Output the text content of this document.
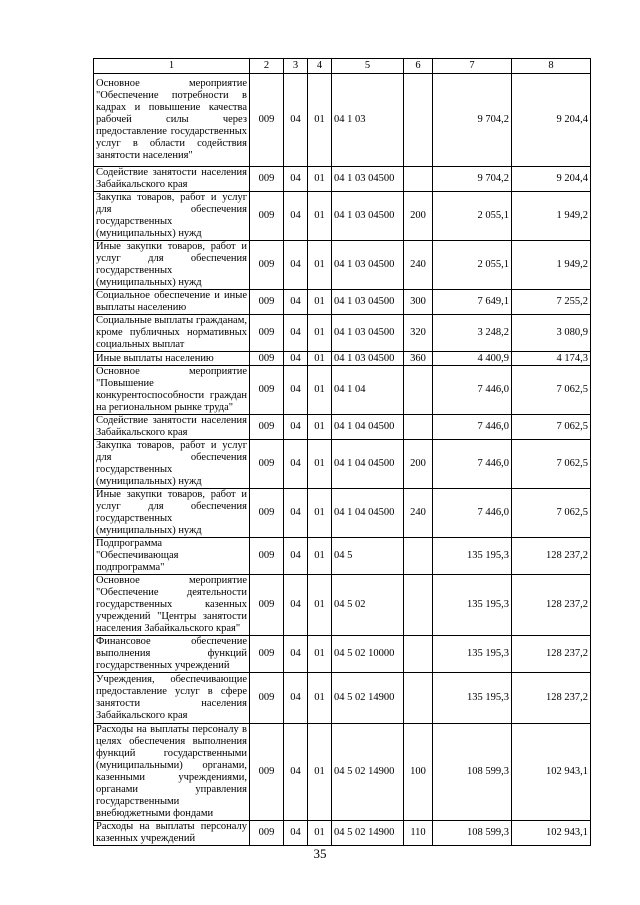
1	2	3	4	5	6	7	8
Основное мероприятие "Обеспечение потребности в кадрах и повышение качества рабочей силы через предоставление государственных услуг в области содействия занятости населения"	009	04	01	04 1 03		9 704,2	9 204,4
Содействие занятости населения Забайкальского края	009	04	01	04 1 03 04500		9 704,2	9 204,4
Закупка товаров, работ и услуг для обеспечения государственных (муниципальных) нужд	009	04	01	04 1 03 04500	200	2 055,1	1 949,2
Иные закупки товаров, работ и услуг для обеспечения государственных (муниципальных) нужд	009	04	01	04 1 03 04500	240	2 055,1	1 949,2
Социальное обеспечение и иные выплаты населению	009	04	01	04 1 03 04500	300	7 649,1	7 255,2
Социальные выплаты гражданам, кроме публичных нормативных социальных выплат	009	04	01	04 1 03 04500	320	3 248,2	3 080,9
Иные выплаты населению	009	04	01	04 1 03 04500	360	4 400,9	4 174,3
Основное мероприятие "Повышение конкурентоспособности граждан на региональном рынке труда"	009	04	01	04 1 04		7 446,0	7 062,5
Содействие занятости населения Забайкальского края	009	04	01	04 1 04 04500		7 446,0	7 062,5
Закупка товаров, работ и услуг для обеспечения государственных (муниципальных) нужд	009	04	01	04 1 04 04500	200	7 446,0	7 062,5
Иные закупки товаров, работ и услуг для обеспечения государственных (муниципальных) нужд	009	04	01	04 1 04 04500	240	7 446,0	7 062,5
Подпрограмма "Обеспечивающая подпрограмма"	009	04	01	04 5		135 195,3	128 237,2
Основное мероприятие "Обеспечение деятельности государственных казенных учреждений "Центры занятости населения Забайкальского края"	009	04	01	04 5 02		135 195,3	128 237,2
Финансовое обеспечение выполнения функций государственных учреждений	009	04	01	04 5 02 10000		135 195,3	128 237,2
Учреждения, обеспечивающие предоставление услуг в сфере занятости населения Забайкальского края	009	04	01	04 5 02 14900		135 195,3	128 237,2
Расходы на выплаты персоналу в целях обеспечения выполнения функций государственными (муниципальными) органами, казенными учреждениями, органами управления государственными внебюджетными фондами	009	04	01	04 5 02 14900	100	108 599,3	102 943,1
Расходы на выплаты персоналу казенных учреждений	009	04	01	04 5 02 14900	110	108 599,3	102 943,1
35
